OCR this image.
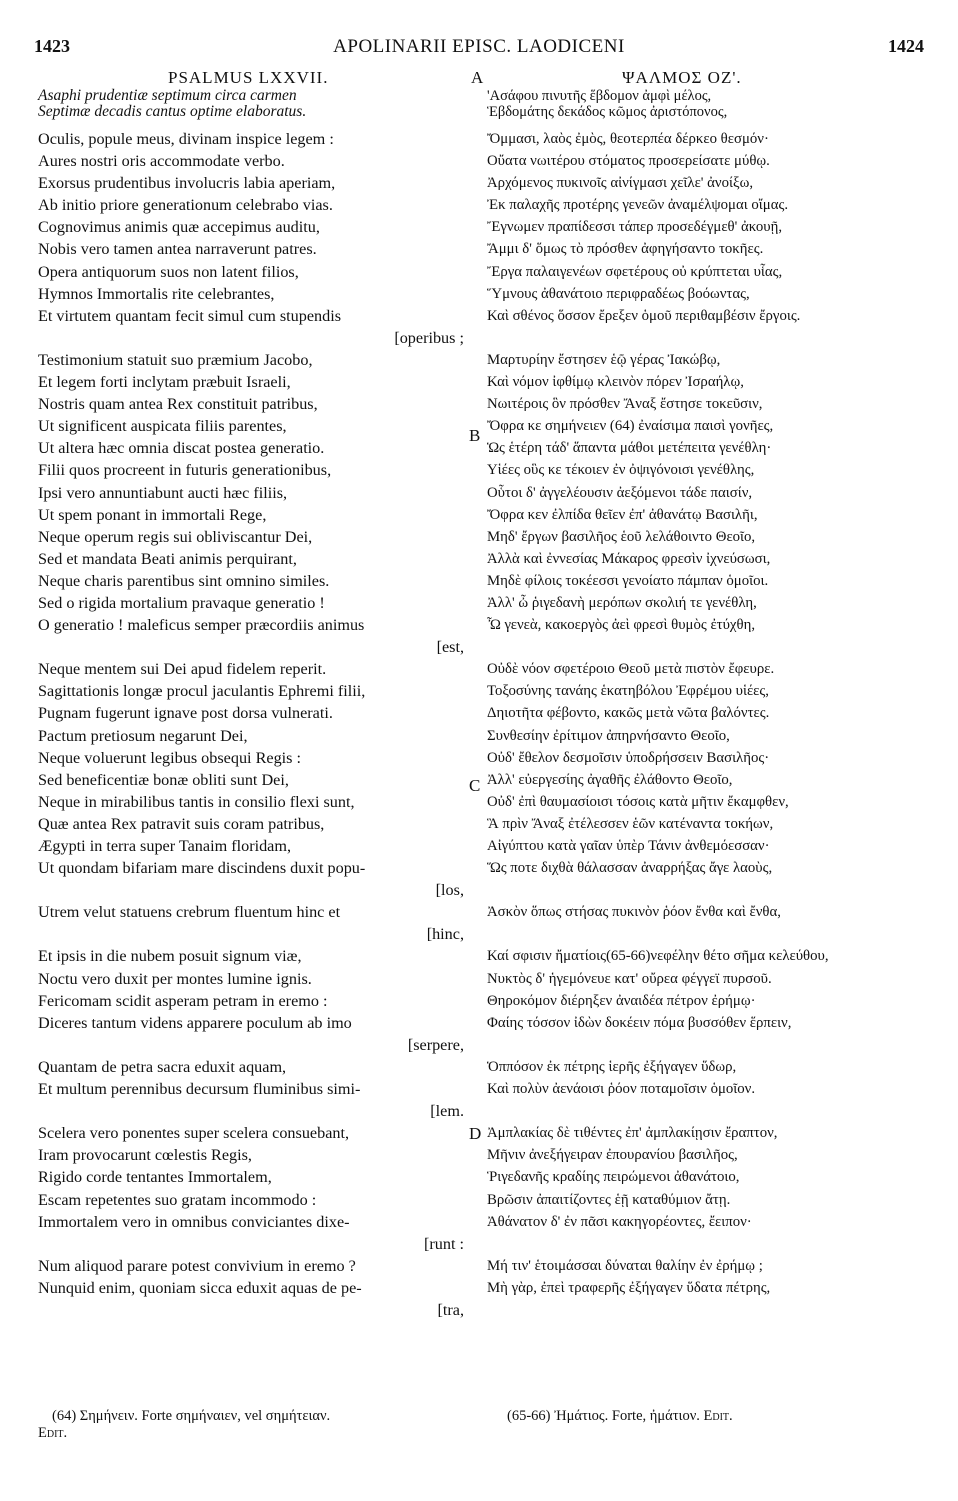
1423	APOLINARII EPISC. LAODICENI	1424
A
B
C
D
PSALMUS LXXVII.
Asaphi prudentiæ septimum circa carmen
Septimæ decadis cantus optime elaboratus.
Oculis, popule meus, divinam inspice legem :
Aures nostri oris accommodate verbo.
Exorsus prudentibus involucris labia aperiam,
Ab initio priore generationum celebrabo vias.
Cognovimus animis quæ accepimus auditu,
Nobis vero tamen antea narraverunt patres.
Opera antiquorum suos non latent filios,
Hymnos Immortalis rite celebrantes,
Et virtutem quantam fecit simul cum stupendis
[operibus ;
Testimonium statuit suo præmium Jacobo,
Et legem forti inclytam præbuit Israeli,
Nostris quam antea Rex constituit patribus,
Ut significent auspicata filiis parentes,
Ut altera hæc omnia discat postea generatio.
Filii quos procreent in futuris generationibus,
Ipsi vero annuntiabunt aucti hæc filiis,
Ut spem ponant in immortali Rege,
Neque operum regis sui obliviscantur Dei,
Sed et mandata Beati animis perquirant,
Neque charis parentibus sint omnino similes.
Sed o rigida mortalium pravaque generatio !
O generatio ! maleficus semper præcordiis animus
[est,
Neque mentem sui Dei apud fidelem reperit.
Sagittationis longæ procul jaculantis Ephremi filii,
Pugnam fugerunt ignave post dorsa vulnerati.
Pactum pretiosum negarunt Dei,
Neque voluerunt legibus obsequi Regis :
Sed beneficentiæ bonæ obliti sunt Dei,
Neque in mirabilibus tantis in consilio flexi sunt,
Quæ antea Rex patravit suis coram patribus,
Ægypti in terra super Tanaim floridam,
Ut quondam bifariam mare discindens duxit popu-
[los,
Utrem velut statuens crebrum fluentum hinc et
[hinc,
Et ipsis in die nubem posuit signum viæ,
Noctu vero duxit per montes lumine ignis.
Fericomam scidit asperam petram in eremo :
Diceres tantum videns apparere poculum ab imo
[serpere,
Quantam de petra sacra eduxit aquam,
Et multum perennibus decursum fluminibus simi-
[lem.
Scelera vero ponentes super scelera consuebant,
Iram provocarunt cœlestis Regis,
Rigido corde tentantes Immortalem,
Escam repetentes suo gratam incommodo :
Immortalem vero in omnibus conviciantes dixe-
[runt :
Num aliquod parare potest convivium in eremo ?
Nunquid enim, quoniam sicca eduxit aquas de pe-
[tra,
ΨΑΛΜΟΣ ΟΖ'.
'Ασάφου πινυτῆς ἕβδομον ἀμφὶ μέλος,
Ἑβδομάτης δεκάδος κῶμος ἀριστόπονος,
Ὄμμασι, λαὸς ἐμὸς, θεοτερπέα δέρκεο θεσμόν·
Οὔατα νωιτέρου στόματος προσερείσατε μύθῳ.
Ἀρχόμενος πυκινοῖς αἰνίγμασι χεῖλε' ἀνοίξω,
Ἐκ παλαχῆς προτέρης γενεῶν ἀναμέλψομαι οἴμας.
Ἔγνωμεν πραπίδεσσι τάπερ προσεδέγμεθ' ἀκουῇ,
Ἄμμι δ' ὅμως τὸ πρόσθεν ἀφηγήσαντο τοκῆες.
Ἔργα παλαιγενέων σφετέρους οὐ κρύπτεται υἷας,
Ὕμνους ἀθανάτοιο περιφραδέως βοόωντας,
Καὶ σθένος ὅσσον ἔρεξεν ὁμοῦ περιθαμβέσιν ἔργοις.
Μαρτυρίην ἔστησεν ἑῷ γέρας Ἰακώβῳ,
Καὶ νόμον ἰφθίμῳ κλεινὸν πόρεν Ἰσραήλῳ,
Νωιτέροις ὃν πρόσθεν Ἄναξ ἔστησε τοκεῦσιν,
Ὄφρα κε σημήνειεν (64) ἐναίσιμα παισὶ γονῆες,
Ὡς ἑτέρη τάδ' ἅπαντα μάθοι μετέπειτα γενέθλη·
Υἱέες οὓς κε τέκοιεν ἐν ὀψιγόνοισι γενέθλης,
Οὗτοι δ' ἀγγελέουσιν ἀεξόμενοι τάδε παισίν,
Ὄφρα κεν ἐλπίδα θεῖεν ἐπ' ἀθανάτῳ Βασιλῆι,
Μηδ' ἔργων βασιλῆος ἑοῦ λελάθοιντο Θεοῖο,
Ἀλλὰ καὶ ἐννεσίας Μάκαρος φρεσὶν ἰχνεύσωσι,
Μηδὲ φίλοις τοκέεσσι γενοίατο πάμπαν ὁμοῖοι.
Ἀλλ' ὦ ῥιγεδανὴ μερόπων σκολιή τε γενέθλη,
Ὦ γενεὰ, κακοεργὸς ἀεὶ φρεσὶ θυμὸς ἐτύχθη,
Οὐδὲ νόον σφετέροιο Θεοῦ μετὰ πιστὸν ἔφευρε.
Τοξοσύνης τανάης ἑκατηβόλου Ἐφρέμου υἱέες,
Δηιοτῆτα φέβοντο, κακῶς μετὰ νῶτα βαλόντες.
Συνθεσίην ἐρίτιμον ἀπηρνήσαντο Θεοῖο,
Οὐδ' ἔθελον δεσμοῖσιν ὑποδρήσσειν Βασιλῆος·
Ἀλλ' εὐεργεσίης ἀγαθῆς ἐλάθοντο Θεοῖο,
Οὐδ' ἐπὶ θαυμασίοισι τόσοις κατὰ μῆτιν ἔκαμφθεν,
Ἃ πρὶν Ἄναξ ἐτέλεσσεν ἑῶν κατέναντα τοκήων,
Αἰγύπτου κατὰ γαῖαν ὑπὲρ Τάνιν ἀνθεμόεσσαν·
Ὥς ποτε διχθὰ θάλασσαν ἀναρρήξας ἄγε λαοὺς,
Ἀσκὸν ὅπως στήσας πυκινὸν ῥόον ἔνθα καὶ ἔνθα,
Καί σφισιν ἤματίοις(65-66)νεφέλην θέτο σῆμα κελεύθου,
Νυκτὸς δ' ἡγεμόνευε κατ' οὔρεα φέγγεϊ πυρσοῦ.
Θηροκόμον διέρηξεν ἀναιδέα πέτρον ἐρήμῳ·
Φαίης τόσσον ἰδὼν δοκέειν πόμα βυσσόθεν ἕρπειν,
Ὁππόσον ἐκ πέτρης ἱερῆς ἐξήγαγεν ὕδωρ,
Καὶ πολὺν ἀενάοισι ῥόον ποταμοῖσιν ὁμοῖον.
Ἀμπλακίας δὲ τιθέντες ἐπ' ἀμπλακίῃσιν ἔραπτον,
Μῆνιν ἀνεξήγειραν ἐπουρανίου βασιλῆος,
Ῥιγεδανῆς κραδίης πειρώμενοι ἀθανάτοιο,
Βρῶσιν ἀπαιτίζοντες ἑῇ καταθύμιον ἄτῃ.
Ἀθάνατον δ' ἐν πᾶσι κακηγορέοντες, ἔειπον·
Μή τιν' ἑτοιμάσσαι δύναται θαλίην ἐν ἐρήμῳ ;
Μὴ γὰρ, ἐπεὶ τραφερῆς ἐξήγαγεν ὕδατα πέτρης,
(64) Σημήνειν. Forte σημήναιεν, vel σημήτειαν.
Edit.
(65-66) Ἠμάτιος. Forte, ἠμάτιον. Edit.
